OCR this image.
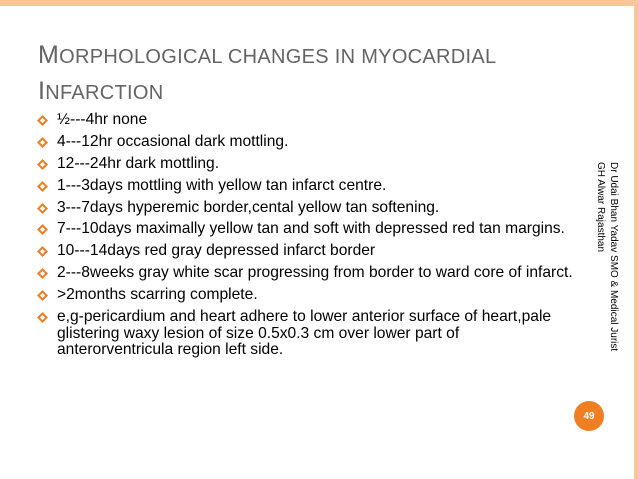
MORPHOLOGICAL CHANGES IN MYOCARDIAL
INFARCTION
½---4hr none
4---12hr occasional dark mottling.
12---24hr dark mottling.
1---3days mottling with yellow tan infarct centre.
3---7days hyperemic border,cental yellow tan softening.
7---10days maximally yellow tan and soft with depressed red tan margins.
10---14days red gray depressed infarct border
2---8weeks gray white scar progressing from border to ward core of infarct.
>2months scarring complete.
e,g-pericardium and heart adhere to lower anterior surface of heart,pale glistering waxy lesion of size 0.5x0.3 cm over lower part of anterorventricula region left side.	Dr Udai Bhan Yadav SMO & Medical Jurist
GH Alwar Rajasthan
49
